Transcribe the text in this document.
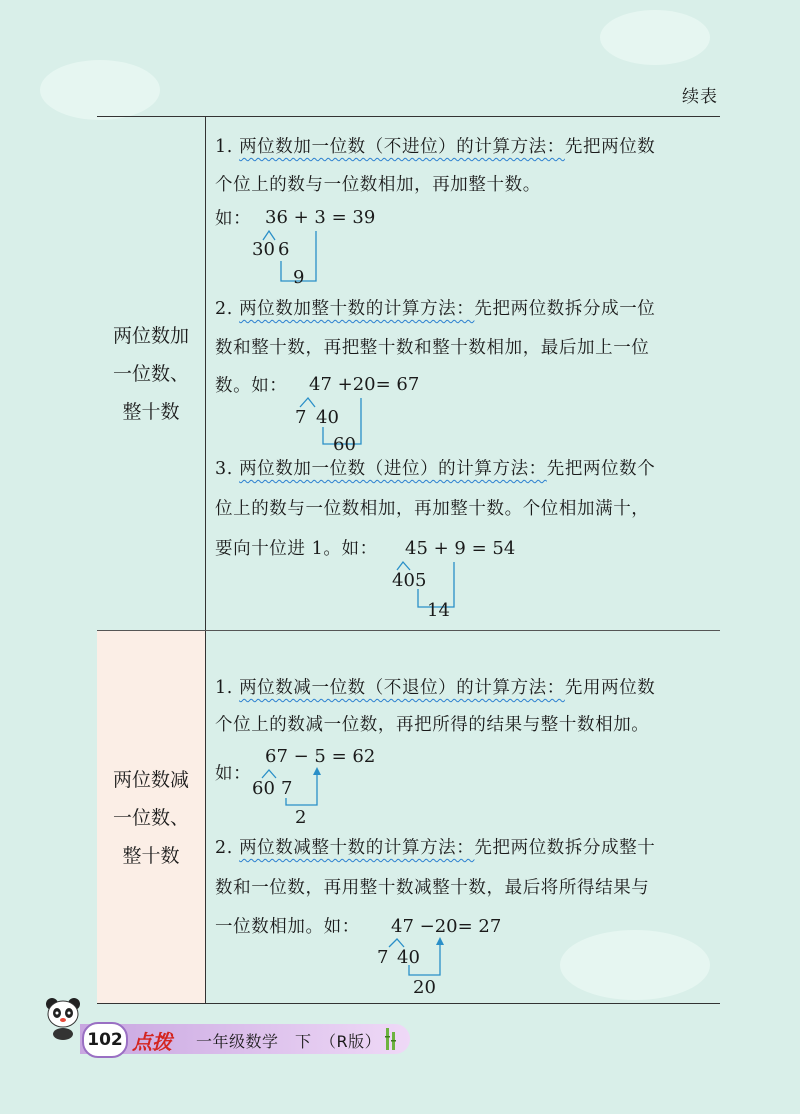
续表
两位数加
一位数、
整十数
两位数减
一位数、
整十数
1. 两位数加一位数（不进位）的计算方法：先把两位数
个位上的数与一位数相加，再加整十数。
如： 36 + 3 = 39
30 6
9
2. 两位数加整十数的计算方法：先把两位数拆分成一位
数和整十数，再把整十数和整十数相加，最后加上一位
数。如： 47 +20= 67
7 40
60
3. 两位数加一位数（进位）的计算方法：先把两位数个
位上的数与一位数相加，再加整十数。个位相加满十，
要向十位进 1。如： 45 + 9 = 54
40 5
14
1. 两位数减一位数（不退位）的计算方法：先用两位数
个位上的数减一位数，再把所得的结果与整十数相加。
如：
67 − 5 = 62
60 7
2
2. 两位数减整十数的计算方法：先把两位数拆分成整十
数和一位数，再用整十数减整十数，最后将所得结果与
一位数相加。如： 47 −20= 27
7 40
20
102 点拨 一年级数学　下　（R版）
